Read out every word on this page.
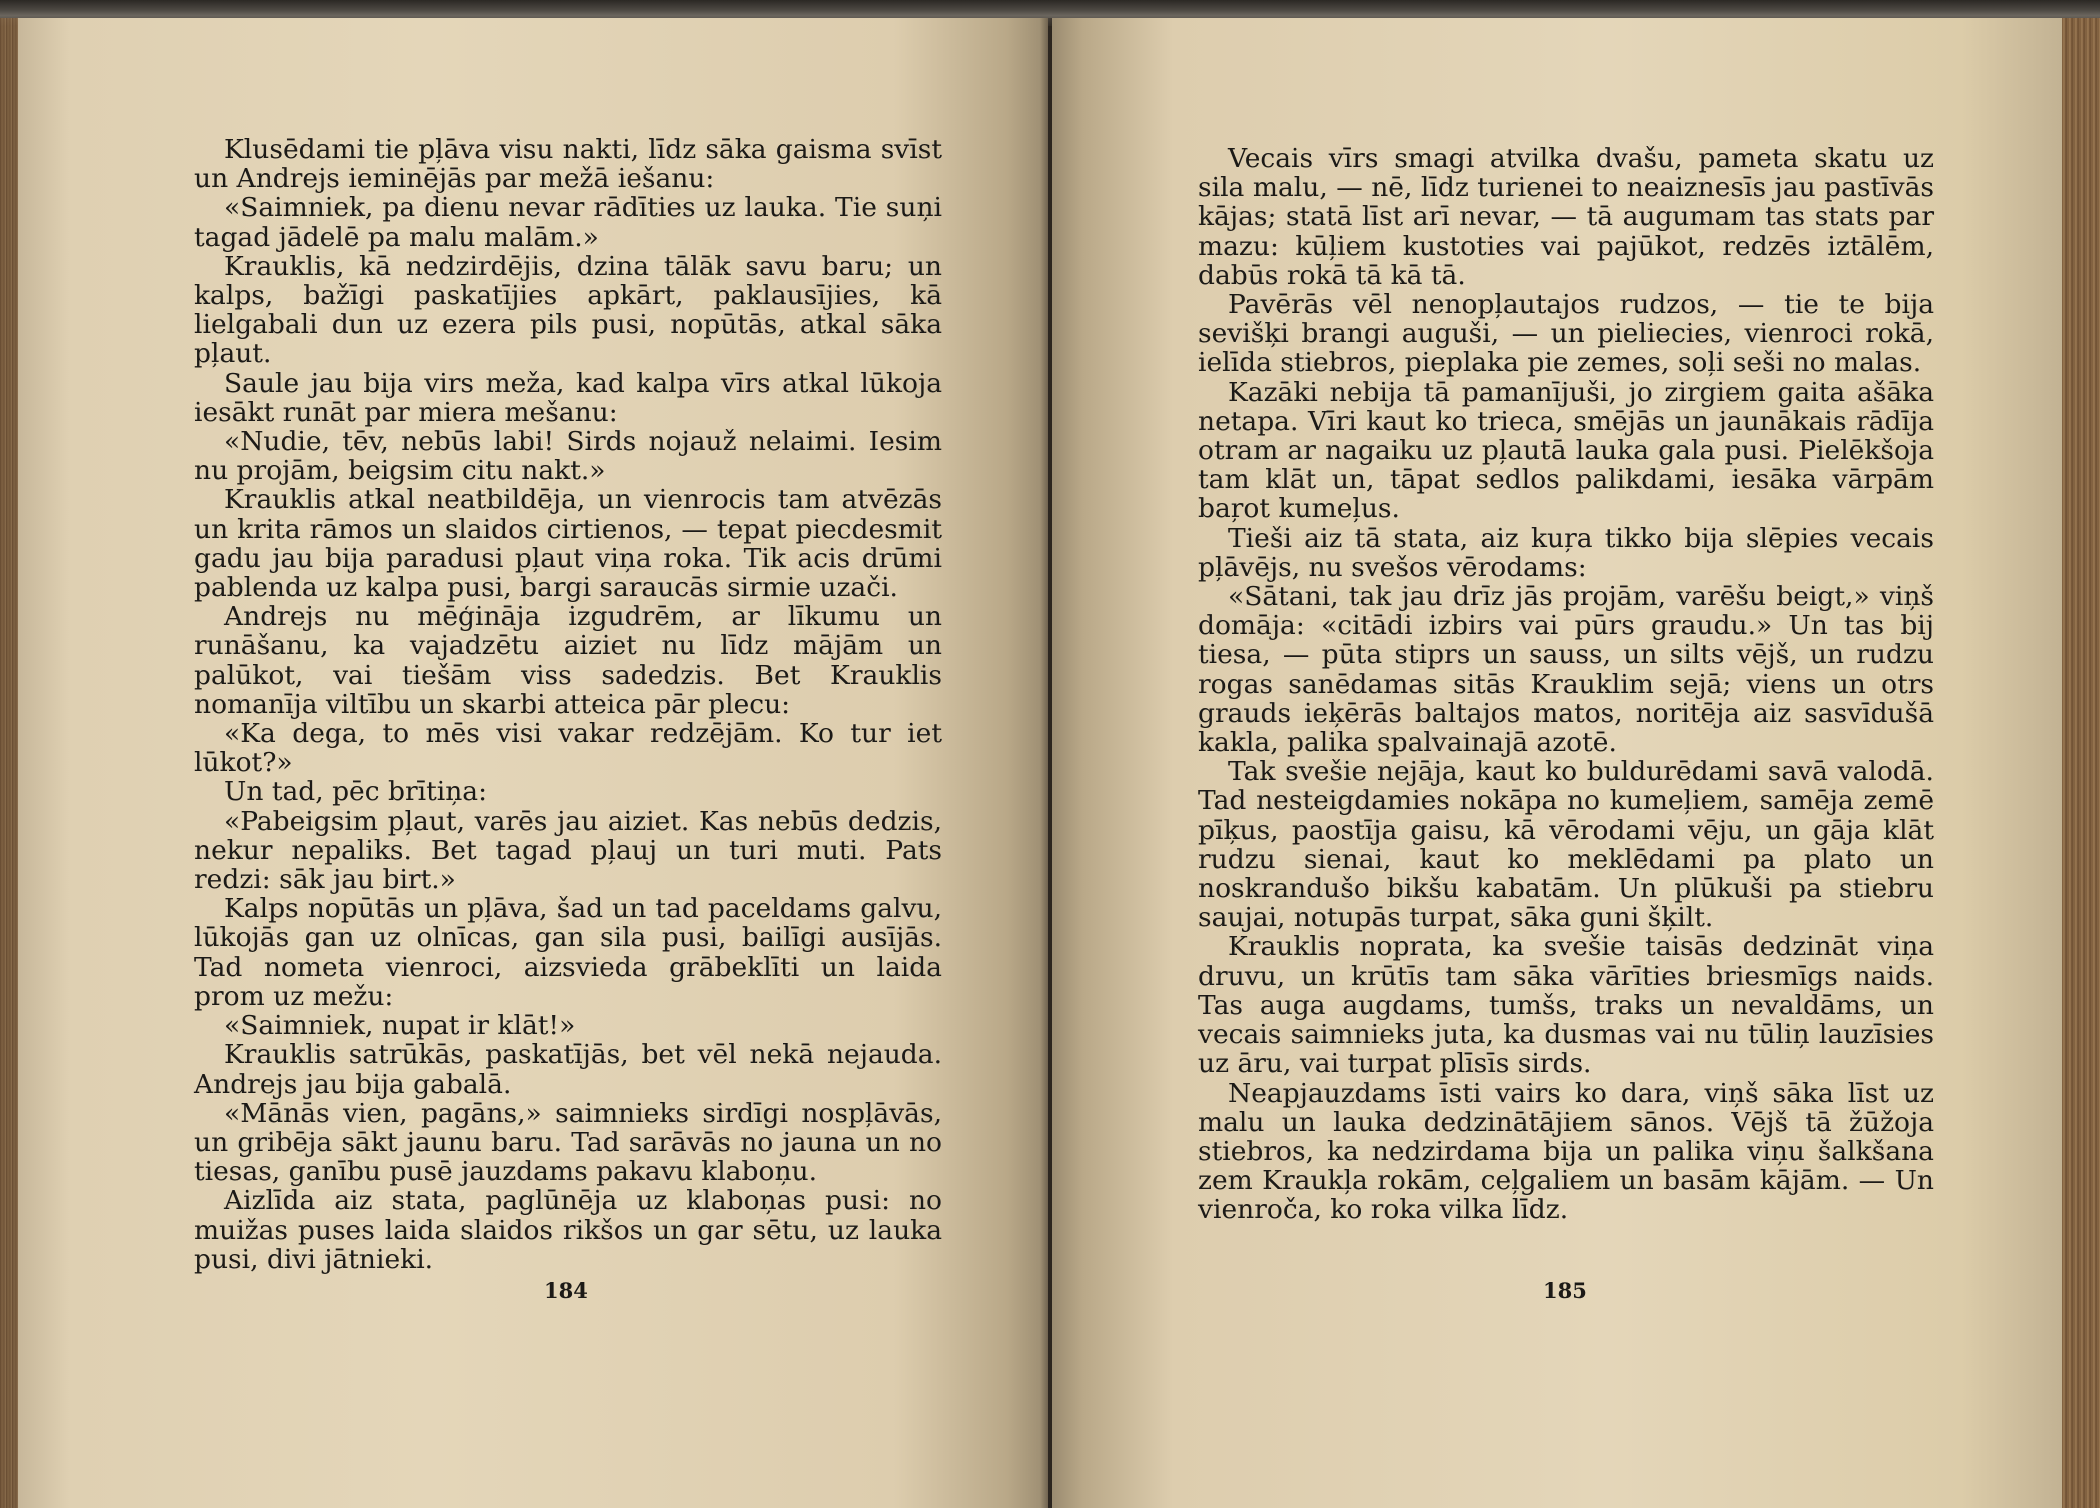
Klusēdami tie pļāva visu nakti, līdz sāka gaisma svīst un Andrejs ieminējās par mežā iešanu:

«Saimniek, pa dienu nevar rādīties uz lauka. Tie suņi tagad jādelē pa malu malām.»

Krauklis, kā nedzirdējis, dzina tālāk savu baru; un kalps, bažīgi paskatījies apkārt, paklausījies, kā lielgabali dun uz ezera pils pusi, nopūtās, atkal sāka pļaut.

Saule jau bija virs meža, kad kalpa vīrs atkal lūkoja iesākt runāt par miera mešanu:

«Nudie, tēv, nebūs labi! Sirds nojauž nelaimi. Iesim nu projām, beigsim citu nakt.»

Krauklis atkal neatbildēja, un vienrocis tam atvēzās un krita rāmos un slaidos cirtienos, — tepat piecdesmit gadu jau bija paradusi pļaut viņa roka. Tik acis drūmi pablenda uz kalpa pusi, bargi saraucās sirmie uzači.

Andrejs nu mēģināja izgudrēm, ar līkumu un runāšanu, ka vajadzētu aiziet nu līdz mājām un palūkot, vai tiešām viss sadedzis. Bet Krauklis nomanīja viltību un skarbi atteica pār plecu:

«Ka dega, to mēs visi vakar redzējām. Ko tur iet lūkot?»

Un tad, pēc brītiņa:

«Pabeigsim pļaut, varēs jau aiziet. Kas nebūs dedzis, nekur nepaliks. Bet tagad pļauj un turi muti. Pats redzi: sāk jau birt.»

Kalps nopūtās un pļāva, šad un tad paceldams galvu, lūkojās gan uz olnīcas, gan sila pusi, bailīgi ausījās. Tad nometa vienroci, aizsvieda grābeklīti un laida prom uz mežu:

«Saimniek, nupat ir klāt!»

Krauklis satrūkās, paskatījās, bet vēl nekā nejauda. Andrejs jau bija gabalā.

«Mānās vien, pagāns,» saimnieks sirdīgi nospļāvās, un gribēja sākt jaunu baru. Tad sarāvās no jauna un no tiesas, ganību pusē jauzdams pakavu klaboņu.

Aizlīda aiz stata, paglūnēja uz klaboņas pusi: no muižas puses laida slaidos rikšos un gar sētu, uz lauka pusi, divi jātnieki.

184

Vecais vīrs smagi atvilka dvašu, pameta skatu uz sila malu, — nē, līdz turienei to neaiznesīs jau pastīvās kājas; statā līst arī nevar, — tā augumam tas stats par mazu: kūļiem kustoties vai pajūkot, redzēs iztālēm, dabūs rokā tā kā tā.

Pavērās vēl nenopļautajos rudzos, — tie te bija sevišķi brangi auguši, — un pieliecies, vienroci rokā, ielīda stiebros, pieplaka pie zemes, soļi seši no malas.

Kazāki nebija tā pamanījuši, jo zirgiem gaita ašāka netapa. Vīri kaut ko trieca, smējās un jaunākais rādīja otram ar nagaiku uz pļautā lauka gala pusi. Pielēkšoja tam klāt un, tāpat sedlos palikdami, iesāka vārpām baŗot kumeļus.

Tieši aiz tā stata, aiz kuŗa tikko bija slēpies vecais pļāvējs, nu svešos vērodams:

«Sātani, tak jau drīz jās projām, varēšu beigt,» viņš domāja: «citādi izbirs vai pūrs graudu.» Un tas bij tiesa, — pūta stiprs un sauss, un silts vējš, un rudzu rogas sanēdamas sitās Krauklim sejā; viens un otrs grauds ieķērās baltajos matos, noritēja aiz sasvīdušā kakla, palika spalvainajā azotē.

Tak svešie nejāja, kaut ko buldurēdami savā valodā. Tad nesteigdamies nokāpa no kumeļiem, samēja zemē pīķus, paostīja gaisu, kā vērodami vēju, un gāja klāt rudzu sienai, kaut ko meklēdami pa plato un noskrandušo bikšu kabatām. Un plūkuši pa stiebru saujai, notupās turpat, sāka guni šķilt.

Krauklis noprata, ka svešie taisās dedzināt viņa druvu, un krūtīs tam sāka vārīties briesmīgs naids. Tas auga augdams, tumšs, traks un nevaldāms, un vecais saimnieks juta, ka dusmas vai nu tūliņ lauzīsies uz āru, vai turpat plīsīs sirds.

Neapjauzdams īsti vairs ko dara, viņš sāka līst uz malu un lauka dedzinātājiem sānos. Vējš tā žūžoja stiebros, ka nedzirdama bija un palika viņu šalkšana zem Kraukļa rokām, ceļgaliem un basām kājām. — Un vienroča, ko roka vilka līdz.

185
